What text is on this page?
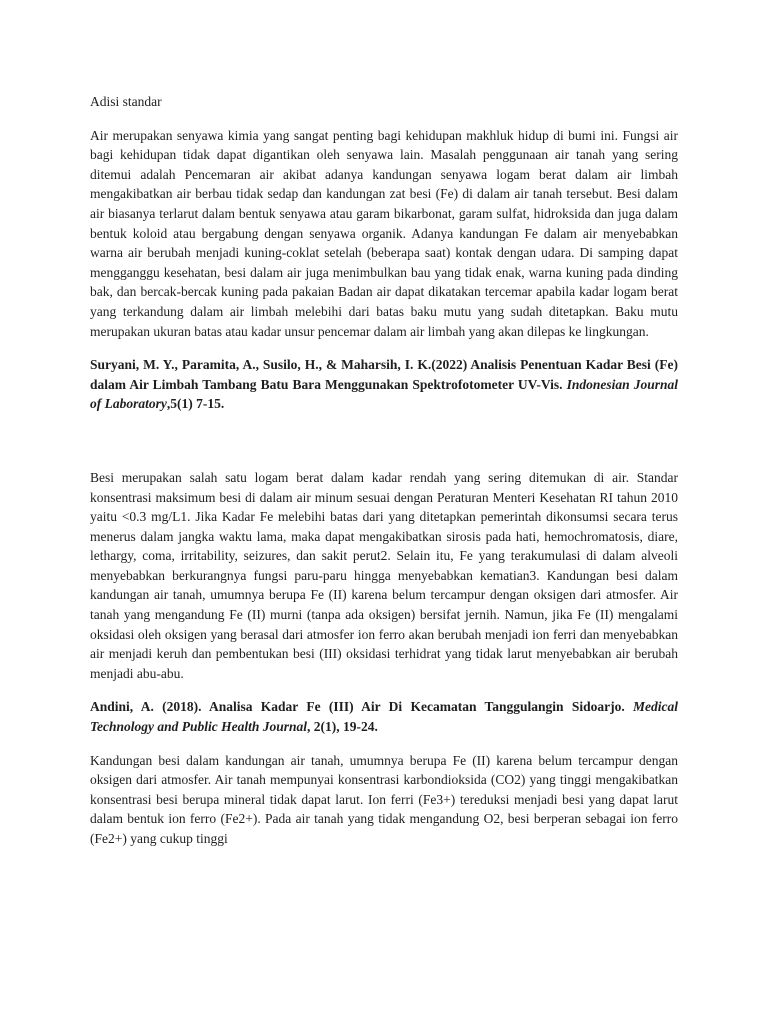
Adisi standar

Air merupakan senyawa kimia yang sangat penting bagi kehidupan makhluk hidup di bumi ini. Fungsi air bagi kehidupan tidak dapat digantikan oleh senyawa lain. Masalah penggunaan air tanah yang sering ditemui adalah Pencemaran air akibat adanya kandungan senyawa logam berat dalam air limbah mengakibatkan air berbau tidak sedap dan kandungan zat besi (Fe) di dalam air tanah tersebut. Besi dalam air biasanya terlarut dalam bentuk senyawa atau garam bikarbonat, garam sulfat, hidroksida dan juga dalam bentuk koloid atau bergabung dengan senyawa organik. Adanya kandungan Fe dalam air menyebabkan warna air berubah menjadi kuning-coklat setelah (beberapa saat) kontak dengan udara. Di samping dapat mengganggu kesehatan, besi dalam air juga menimbulkan bau yang tidak enak, warna kuning pada dinding bak, dan bercak-bercak kuning pada pakaian Badan air dapat dikatakan tercemar apabila kadar logam berat yang terkandung dalam air limbah melebihi dari batas baku mutu yang sudah ditetapkan. Baku mutu merupakan ukuran batas atau kadar unsur pencemar dalam air limbah yang akan dilepas ke lingkungan.

Suryani, M. Y., Paramita, A., Susilo, H., & Maharsih, I. K.(2022) Analisis Penentuan Kadar Besi (Fe) dalam Air Limbah Tambang Batu Bara Menggunakan Spektrofotometer UV-Vis. Indonesian Journal of Laboratory,5(1) 7-15.

Besi merupakan salah satu logam berat dalam kadar rendah yang sering ditemukan di air. Standar konsentrasi maksimum besi di dalam air minum sesuai dengan Peraturan Menteri Kesehatan RI tahun 2010 yaitu <0.3 mg/L1. Jika Kadar Fe melebihi batas dari yang ditetapkan pemerintah dikonsumsi secara terus menerus dalam jangka waktu lama, maka dapat mengakibatkan sirosis pada hati, hemochromatosis, diare, lethargy, coma, irritability, seizures, dan sakit perut2. Selain itu, Fe yang terakumulasi di dalam alveoli menyebabkan berkurangnya fungsi paru-paru hingga menyebabkan kematian3. Kandungan besi dalam kandungan air tanah, umumnya berupa Fe (II) karena belum tercampur dengan oksigen dari atmosfer. Air tanah yang mengandung Fe (II) murni (tanpa ada oksigen) bersifat jernih. Namun, jika Fe (II) mengalami oksidasi oleh oksigen yang berasal dari atmosfer ion ferro akan berubah menjadi ion ferri dan menyebabkan air menjadi keruh dan pembentukan besi (III) oksidasi terhidrat yang tidak larut menyebabkan air berubah menjadi abu-abu.

Andini, A. (2018). Analisa Kadar Fe (III) Air Di Kecamatan Tanggulangin Sidoarjo. Medical Technology and Public Health Journal, 2(1), 19-24.

Kandungan besi dalam kandungan air tanah, umumnya berupa Fe (II) karena belum tercampur dengan oksigen dari atmosfer. Air tanah mempunyai konsentrasi karbondioksida (CO2) yang tinggi mengakibatkan konsentrasi besi berupa mineral tidak dapat larut. Ion ferri (Fe3+) tereduksi menjadi besi yang dapat larut dalam bentuk ion ferro (Fe2+). Pada air tanah yang tidak mengandung O2, besi berperan sebagai ion ferro (Fe2+) yang cukup tinggi
